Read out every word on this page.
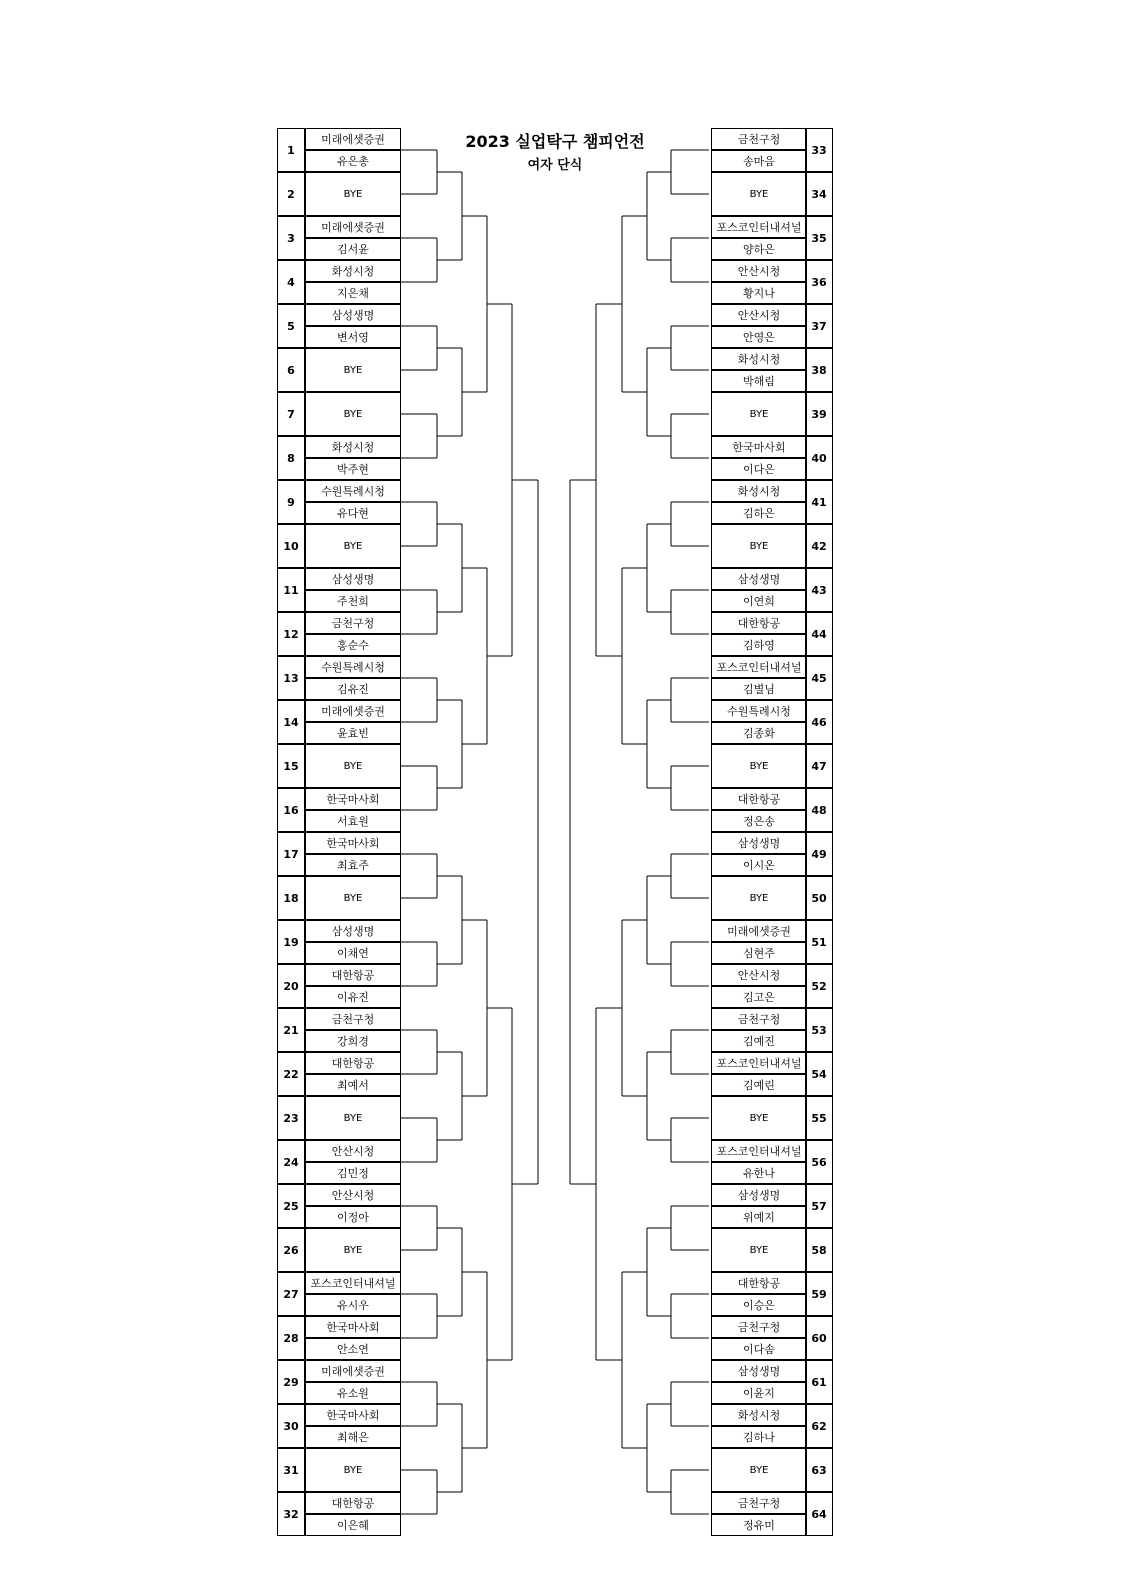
2023 실업탁구 챔피언전
여자 단식
1
미래에셋증권
유은총
2	BYE
3
미래에셋증권
김서윤
4
화성시청
지은채
5
삼성생명
변서영
6	BYE
7	BYE
8
화성시청
박주현
9
수원특례시청
유다현
10	BYE
11
삼성생명
주천희
12
금천구청
홍순수
13
수원특례시청
김유진
14
미래에셋증권
윤효빈
15	BYE
16
한국마사회
서효원
17
한국마사회
최효주
18	BYE
19
삼성생명
이채연
20
대한항공
이유진
21
금천구청
강희경
22
대한항공
최예서
23	BYE
24
안산시청
김민정
25
안산시청
이정아
26	BYE
27
포스코인터내셔널
유시우
28
한국마사회
안소연
29
미래에셋증권
유소원
30
한국마사회
최해은
31	BYE
32
대한항공
이은혜
33
금천구청
송마음
34
BYE
35
포스코인터내셔널
양하은
36
안산시청
황지나
37
안산시청
안영은
38
화성시청
박해림
39
BYE
40
한국마사회
이다은
41
화성시청
김하은
42
BYE
43
삼성생명
이연희
44
대한항공
김하영
45
포스코인터내셔널
김별님
46
수원특례시청
김종화
47
BYE
48
대한항공
정은송
49
삼성생명
이시온
50
BYE
51
미래에셋증권
심현주
52
안산시청
김고은
53
금천구청
김예진
54
포스코인터내셔널
김예린
55
BYE
56
포스코인터내셔널
유한나
57
삼성생명
위예지
58
BYE
59
대한항공
이승은
60
금천구청
이다솜
61
삼성생명
이윤지
62
화성시청
김하나
63
BYE
64
금천구청
정유미
